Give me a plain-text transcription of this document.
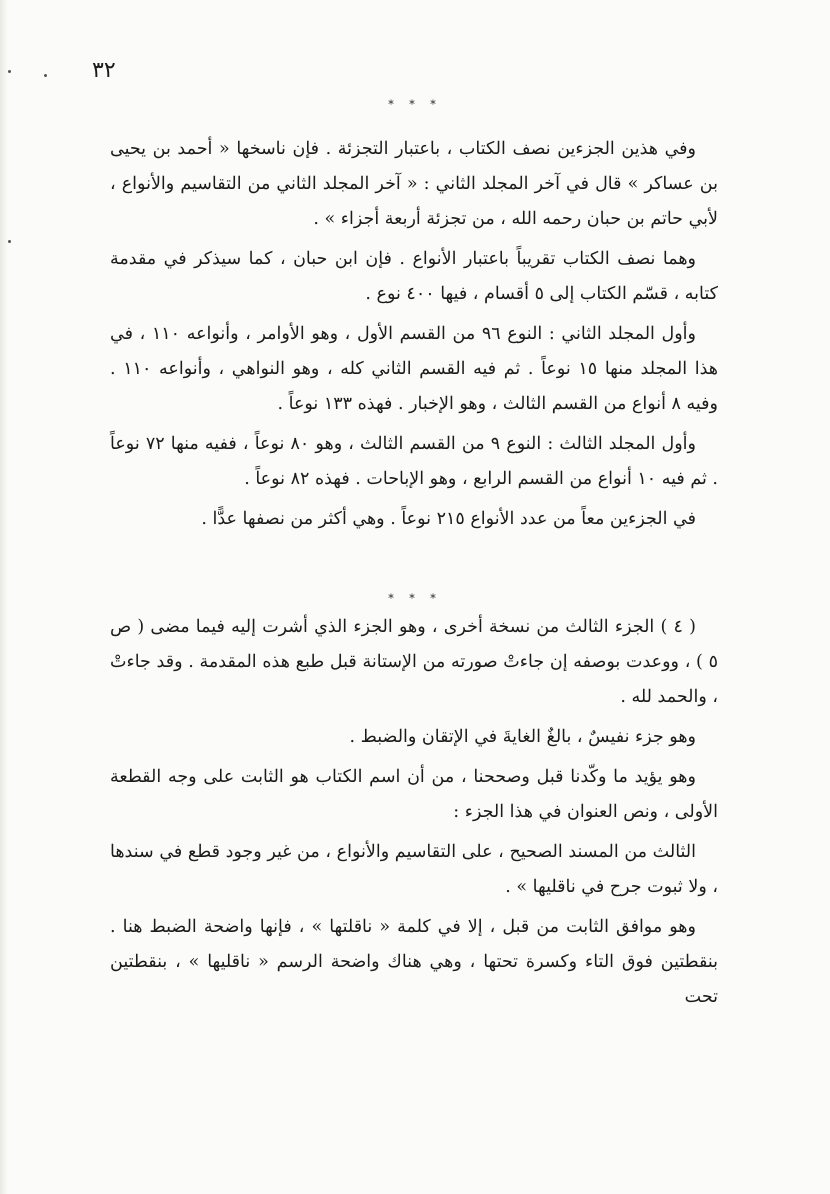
٣٢
* * *

وفي هذين الجزءين نصف الكتاب ، باعتبار التجزئة . فإن ناسخها « أحمد بن يحيى بن عساكر » قال في آخر المجلد الثاني : « آخر المجلد الثاني من التقاسيم والأنواع ، لأبي حاتم بن حبان رحمه الله ، من تجزئة أربعة أجزاء » .

وهما نصف الكتاب تقريباً باعتبار الأنواع . فإن ابن حبان ، كما سيذكر في مقدمة كتابه ، قسّم الكتاب إلى ٥ أقسام ، فيها ٤٠٠ نوع .

وأول المجلد الثاني : النوع ٩٦ من القسم الأول ، وهو الأوامر ، وأنواعه ١١٠ ، في هذا المجلد منها ١٥ نوعاً . ثم فيه القسم الثاني كله ، وهو النواهي ، وأنواعه ١١٠ . وفيه ٨ أنواع من القسم الثالث ، وهو الإخبار . فهذه ١٣٣ نوعاً .

وأول المجلد الثالث : النوع ٩ من القسم الثالث ، وهو ٨٠ نوعاً ، ففيه منها ٧٢ نوعاً . ثم فيه ١٠ أنواع من القسم الرابع ، وهو الإباحات . فهذه ٨٢ نوعاً .

في الجزءين معاً من عدد الأنواع ٢١٥ نوعاً . وهي أكثر من نصفها عدًّا .

* * *

( ٤ ) الجزء الثالث من نسخة أخرى ، وهو الجزء الذي أشرت إليه فيما مضى ( ص ٥ ) ، ووعدت بوصفه إن جاءتْ صورته من الإستانة قبل طبع هذه المقدمة . وقد جاءتْ ، والحمد لله .

وهو جزء نفيسٌ ، بالغٌ الغايةَ في الإتقان والضبط .

وهو يؤيد ما وكّدنا قبل وصححنا ، من أن اسم الكتاب هو الثابت على وجه القطعة الأولى ، ونص العنوان في هذا الجزء :

الثالث من المسند الصحيح ، على التقاسيم والأنواع ، من غير وجود قطع في سندها ، ولا ثبوت جرح في ناقليها » .

وهو موافق الثابت من قبل ، إلا في كلمة « ناقلتها » ، فإنها واضحة الضبط هنا . بنقطتين فوق التاء وكسرة تحتها ، وهي هناك واضحة الرسم « ناقليها » ، بنقطتين تحت
